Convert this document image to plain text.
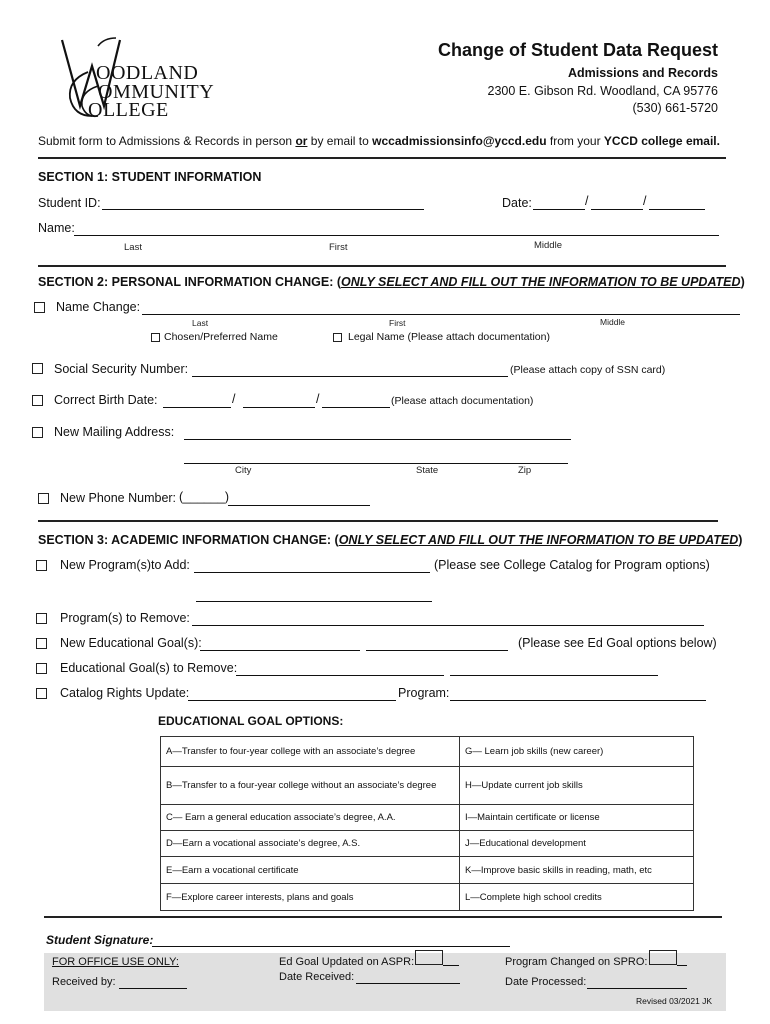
OODLAND
OMMUNITY
OLLEGE
Change of Student Data Request
Admissions and Records
2300 E. Gibson Rd. Woodland, CA 95776
(530) 661-5720
Submit form to Admissions & Records in person or by email to wccadmissionsinfo@yccd.edu from your YCCD college email.
SECTION 1: STUDENT INFORMATION
Student ID:	Date:	/	/
Name:
Last	First	Middle
SECTION 2: PERSONAL INFORMATION CHANGE: (ONLY SELECT AND FILL OUT THE INFORMATION TO BE UPDATED)
Name Change:
Last	First	Middle
Chosen/Preferred Name	Legal Name (Please attach documentation)
Social Security Number:	(Please attach copy of SSN card)
Correct Birth Date:	/	/	(Please attach documentation)
New Mailing Address:
City	State	Zip
New Phone Number: (______)
SECTION 3: ACADEMIC INFORMATION CHANGE: (ONLY SELECT AND FILL OUT THE INFORMATION TO BE UPDATED)
New Program(s)to Add:	(Please see College Catalog for Program options)
Program(s) to Remove:
New Educational Goal(s):	(Please see Ed Goal options below)
Educational Goal(s) to Remove:
Catalog Rights Update:	Program:
EDUCATIONAL GOAL OPTIONS:
A—Transfer to four-year college with an associate’s degree	G— Learn job skills (new career)
B—Transfer to a four-year college without an associate’s degree	H—Update current job skills
C— Earn a general education associate’s degree, A.A.	I—Maintain certificate or license
D—Earn a vocational associate’s degree, A.S.	J—Educational development
E—Earn a vocational certificate	K—Improve basic skills in reading, math, etc
F—Explore career interests, plans and goals	L—Complete high school credits
Student Signature:
FOR OFFICE USE ONLY:
Received by:
Ed Goal Updated on ASPR:
Date Received:
Program Changed on SPRO:
Date Processed:
Revised 03/2021 JK
